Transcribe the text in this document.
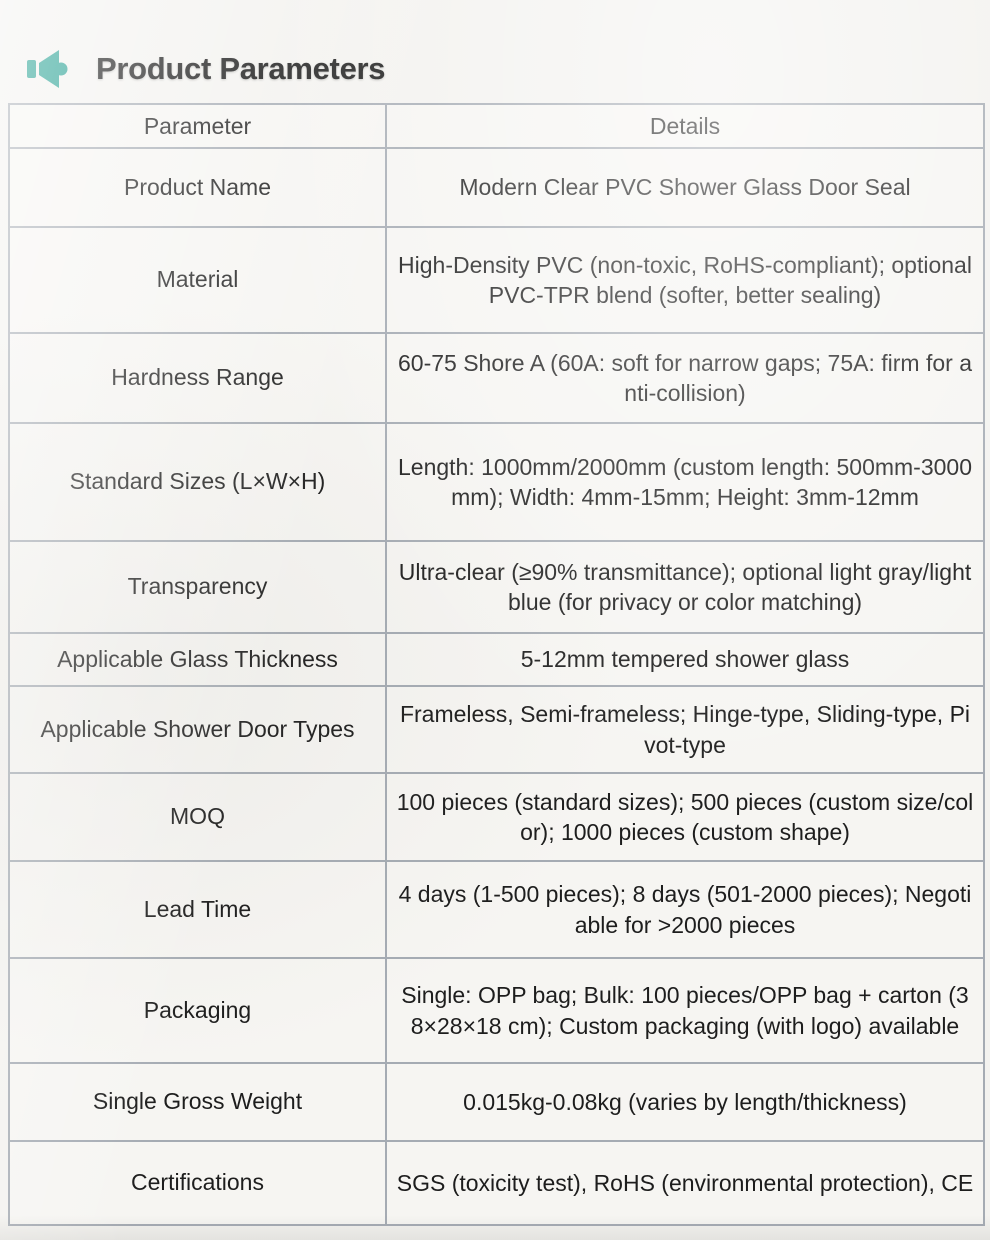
Product Parameters
Parameter	Details
Product Name	Modern Clear PVC Shower Glass Door Seal
Material	High-Density PVC (non-toxic, RoHS-compliant); optional PVC-TPR blend (softer, better sealing)
Hardness Range	60-75 Shore A (60A: soft for narrow gaps; 75A: firm for anti-collision)
Standard Sizes (L×W×H)	Length: 1000mm/2000mm (custom length: 500mm-3000mm); Width: 4mm-15mm; Height: 3mm-12mm
Transparency	Ultra-clear (≥90% transmittance); optional light gray/light blue (for privacy or color matching)
Applicable Glass Thickness	5-12mm tempered shower glass
Applicable Shower Door Types	Frameless, Semi-frameless; Hinge-type, Sliding-type, Pivot-type
MOQ	100 pieces (standard sizes); 500 pieces (custom size/color); 1000 pieces (custom shape)
Lead Time	4 days (1-500 pieces); 8 days (501-2000 pieces); Negotiable for >2000 pieces
Packaging	Single: OPP bag; Bulk: 100 pieces/OPP bag + carton (38×28×18 cm); Custom packaging (with logo) available
Single Gross Weight	0.015kg-0.08kg (varies by length/thickness)
Certifications	SGS (toxicity test), RoHS (environmental protection), CE
